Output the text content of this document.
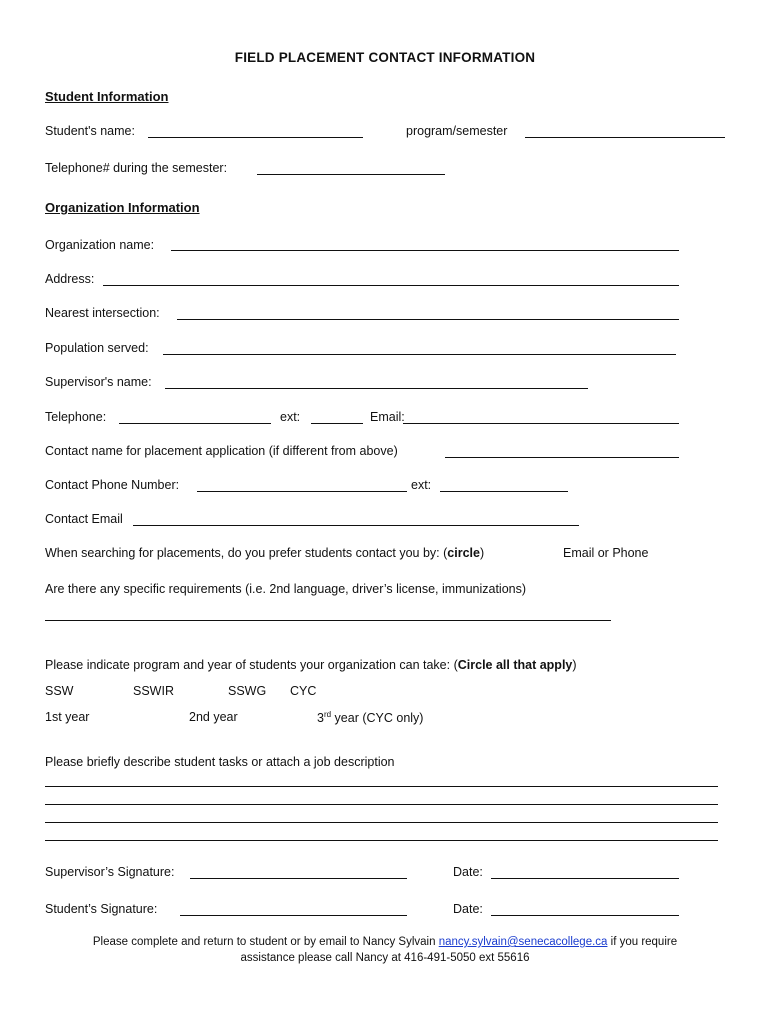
FIELD PLACEMENT CONTACT INFORMATION
Student Information
Student's name:	program/semester
Telephone# during the semester:
Organization Information
Organization name:
Address:
Nearest intersection:
Population served:
Supervisor's name:
Telephone:	ext:	Email:
Contact name for placement application (if different from above)
Contact Phone Number:	ext:
Contact Email
When searching for placements, do you prefer students contact you by: (circle)	Email or Phone
Are there any specific requirements (i.e. 2nd language, driver’s license, immunizations)
Please indicate program and year of students your organization can take: (Circle all that apply)
SSW	SSWIR	SSWG CYC
1st year	2nd year	3rd year (CYC only)
Please briefly describe student tasks or attach a job description
Supervisor’s Signature:	Date:
Student’s Signature:	Date:
Please complete and return to student or by email to Nancy Sylvain nancy.sylvain@senecacollege.ca if you require
assistance please call Nancy at 416-491-5050 ext 55616
